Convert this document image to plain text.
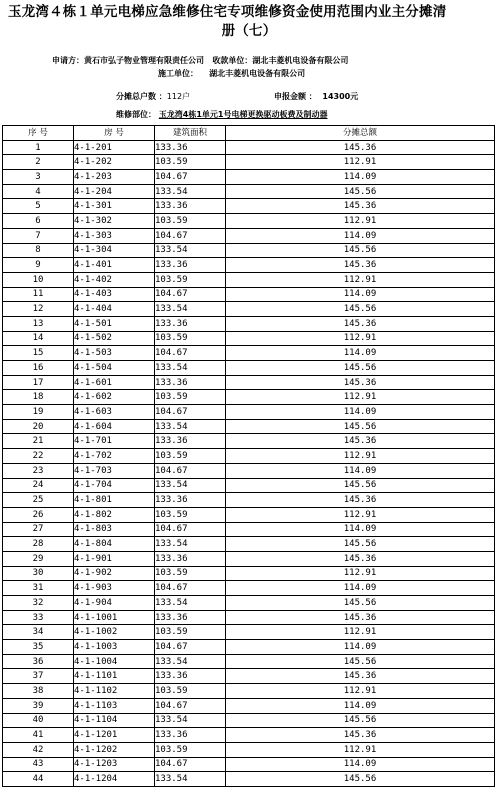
玉龙湾４栋１单元电梯应急维修住宅专项维修资金使用范围内业主分摊清
册（七）
申请方：黄石市弘子物业管理有限责任公司 收款单位：湖北丰菱机电设备有限公司
施工单位： 湖北丰菱机电设备有限公司
分摊总户数 ：112户	申报金额 ： 14300元
维修部位： 玉龙湾4栋1单元1号电梯更换驱动板费及制动器
序 号	房 号	建筑面积	分摊总额
1	4-1-201	133.36	145.36
2	4-1-202	103.59	112.91
3	4-1-203	104.67	114.09
4	4-1-204	133.54	145.56
5	4-1-301	133.36	145.36
6	4-1-302	103.59	112.91
7	4-1-303	104.67	114.09
8	4-1-304	133.54	145.56
9	4-1-401	133.36	145.36
10	4-1-402	103.59	112.91
11	4-1-403	104.67	114.09
12	4-1-404	133.54	145.56
13	4-1-501	133.36	145.36
14	4-1-502	103.59	112.91
15	4-1-503	104.67	114.09
16	4-1-504	133.54	145.56
17	4-1-601	133.36	145.36
18	4-1-602	103.59	112.91
19	4-1-603	104.67	114.09
20	4-1-604	133.54	145.56
21	4-1-701	133.36	145.36
22	4-1-702	103.59	112.91
23	4-1-703	104.67	114.09
24	4-1-704	133.54	145.56
25	4-1-801	133.36	145.36
26	4-1-802	103.59	112.91
27	4-1-803	104.67	114.09
28	4-1-804	133.54	145.56
29	4-1-901	133.36	145.36
30	4-1-902	103.59	112.91
31	4-1-903	104.67	114.09
32	4-1-904	133.54	145.56
33	4-1-1001	133.36	145.36
34	4-1-1002	103.59	112.91
35	4-1-1003	104.67	114.09
36	4-1-1004	133.54	145.56
37	4-1-1101	133.36	145.36
38	4-1-1102	103.59	112.91
39	4-1-1103	104.67	114.09
40	4-1-1104	133.54	145.56
41	4-1-1201	133.36	145.36
42	4-1-1202	103.59	112.91
43	4-1-1203	104.67	114.09
44	4-1-1204	133.54	145.56
